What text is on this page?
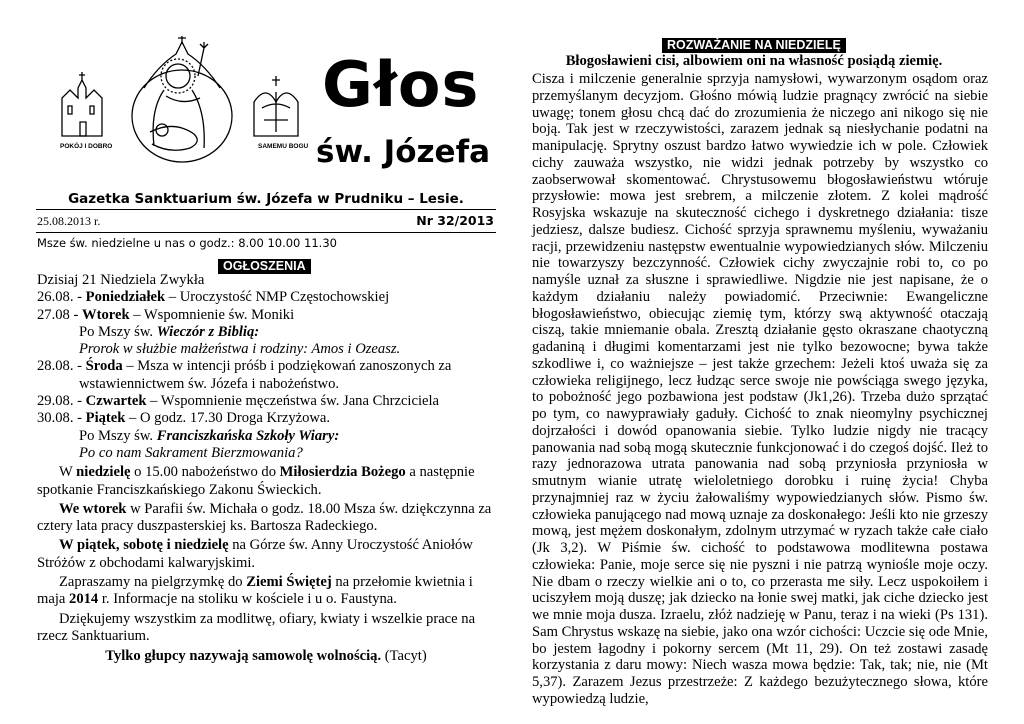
POKÓJ I DOBRO	SAMEMU BOGU
Głos
św. Józefa
Gazetka Sanktuarium św. Józefa w Prudniku – Lesie.
25.08.2013 r.	Nr 32/2013
Msze św. niedzielne u nas o godz.: 8.00 10.00 11.30
OGŁOSZENIA

Dzisiaj 21 Niedziela Zwykła

26.08. - Poniedziałek – Uroczystość NMP Częstochowskiej

27.08 - Wtorek – Wspomnienie św. Moniki

Po Mszy św. Wieczór z Biblią:

Prorok w służbie małżeństwa i rodziny: Amos i Ozeasz.

28.08. - Środa – Msza w intencji próśb i podziękowań zanoszonych za

wstawiennictwem św. Józefa i nabożeństwo.

29.08. - Czwartek – Wspomnienie męczeństwa św. Jana Chrzciciela

30.08. - Piątek – O godz. 17.30 Droga Krzyżowa.

Po Mszy św. Franciszkańska Szkoły Wiary:

Po co nam Sakrament Bierzmowania?

W niedzielę o 15.00 nabożeństwo do Miłosierdzia Bożego a następnie spotkanie Franciszkańskiego Zakonu Świeckich.

We wtorek w Parafii św. Michała o godz. 18.00 Msza św. dziękczynna za cztery lata pracy duszpasterskiej ks. Bartosza Radeckiego.

W piątek, sobotę i niedzielę na Górze św. Anny Uroczystość Aniołów Stróżów z obchodami kalwaryjskimi.

Zapraszamy na pielgrzymkę do Ziemi Świętej na przełomie kwietnia i maja 2014 r. Informacje na stoliku w kościele i u o. Faustyna.

Dziękujemy wszystkim za modlitwę, ofiary, kwiaty i wszelkie prace na rzecz Sanktuarium.

Tylko głupcy nazywają samowolę wolnością. (Tacyt)

ROZWAŻANIE NA NIEDZIELĘ
Błogosławieni cisi, albowiem oni na własność posiądą ziemię.
Cisza i milczenie generalnie sprzyja namysłowi, wywarzonym osądom oraz przemyślanym decyzjom. Głośno mówią ludzie pragnący zwrócić na siebie uwagę; tonem głosu chcą dać do zrozumienia że niczego ani nikogo się nie boją. Tak jest w rzeczywistości, zarazem jednak są niesłychanie podatni na manipulację. Sprytny oszust bardzo łatwo wywiedzie ich w pole. Człowiek cichy zauważa wszystko, nie widzi jednak potrzeby by wszystko co zaobserwował skomentować. Chrystusowemu błogosławieństwu wtóruje przysłowie: mowa jest srebrem, a milczenie złotem. Z kolei mądrość Rosyjska wskazuje na skuteczność cichego i dyskretnego działania: tisze jedziesz, dalsze budiesz. Cichość sprzyja sprawnemu myśleniu, wyważaniu racji, przewidzeniu następstw ewentualnie wypowiedzianych słów. Milczeniu nie towarzyszy bezczynność. Człowiek cichy zwyczajnie robi to, co po namyśle uznał za słuszne i sprawiedliwe. Nigdzie nie jest napisane, że o każdym działaniu należy powiadomić. Przeciwnie: Ewangeliczne błogosławieństwo, obiecując ziemię tym, którzy swą aktywność otaczają ciszą, takie mniemanie obala. Zresztą działanie gęsto okraszane chaotyczną gadaniną i długimi komentarzami jest nie tylko bezowocne; bywa także szkodliwe i, co ważniejsze – jest także grzechem: Jeżeli ktoś uważa się za człowieka religijnego, lecz łudząc serce swoje nie powściąga swego języka, to pobożność jego pozbawiona jest podstaw (Jk1,26). Trzeba dużo sprzątać po tym, co nawyprawiały gaduły. Cichość to znak nieomylny psychicznej dojrzałości i dowód opanowania siebie. Tylko ludzie nigdy nie tracący panowania nad sobą mogą skutecznie funkcjonować i do czegoś dojść. Ileż to razy jednorazowa utrata panowania nad sobą przyniosła przyniosła w smutnym wianie utratę wieloletniego dorobku i ruinę życia! Chyba przynajmniej raz w życiu żałowaliśmy wypowiedzianych słów. Pismo św. człowieka panującego nad mową uznaje za doskonałego: Jeśli kto nie grzeszy mową, jest mężem doskonałym, zdolnym utrzymać w ryzach także całe ciało (Jk 3,2). W Piśmie św. cichość to podstawowa modlitewna postawa człowieka: Panie, moje serce się nie pyszni i nie patrzą wyniośle moje oczy. Nie dbam o rzeczy wielkie ani o to, co przerasta me siły. Lecz uspokoiłem i uciszyłem moją duszę; jak dziecko na łonie swej matki, jak ciche dziecko jest we mnie moja dusza. Izraelu, złóż nadzieję w Panu, teraz i na wieki (Ps 131). Sam Chrystus wskazę na siebie, jako ona wzór cichości: Uczcie się ode Mnie, bo jestem łagodny i pokorny sercem (Mt 11, 29). On też zostawi zasadę korzystania z daru mowy: Niech wasza mowa będzie: Tak, tak; nie, nie (Mt 5,37). Zarazem Jezus przestrzeże: Z każdego bezużytecznego słowa, które wypowiedzą ludzie,
